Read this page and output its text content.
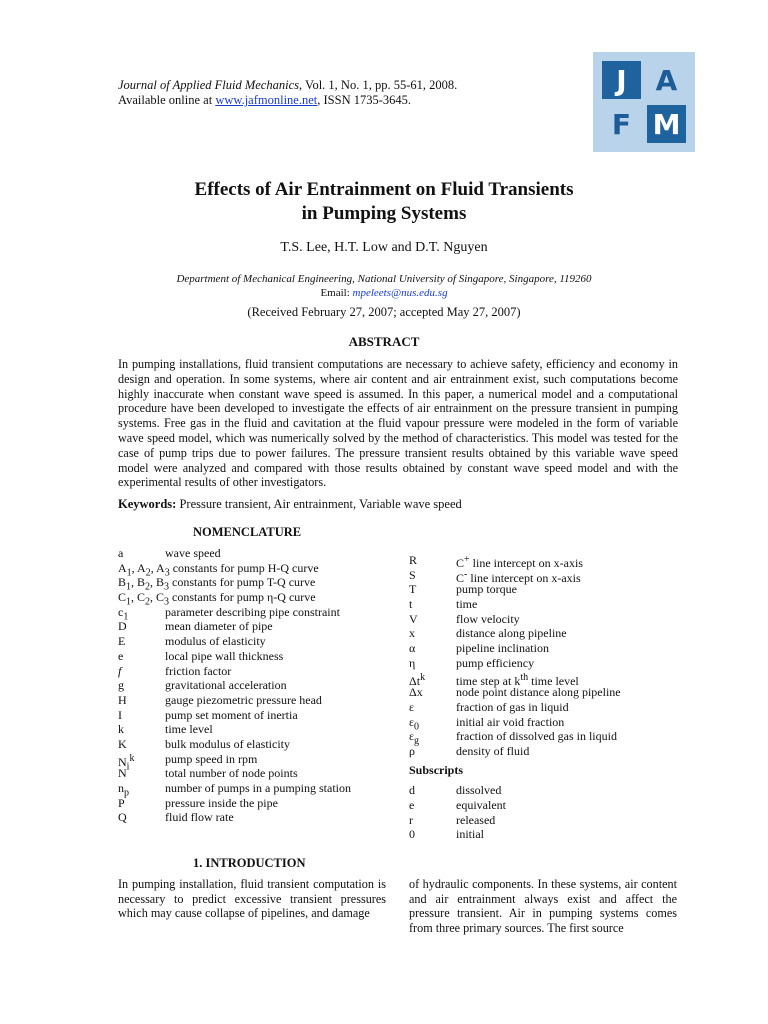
Journal of Applied Fluid Mechanics, Vol. 1, No. 1, pp. 55-61, 2008.
Available online at www.jafmonline.net, ISSN 1735-3645.
J	A
F M
Effects of Air Entrainment on Fluid Transients
in Pumping Systems
T.S. Lee, H.T. Low and D.T. Nguyen
Department of Mechanical Engineering, National University of Singapore, Singapore, 119260
Email: mpeleets@nus.edu.sg
(Received February 27, 2007; accepted May 27, 2007)
ABSTRACT
In pumping installations, fluid transient computations are necessary to achieve safety, efficiency and economy in design and operation. In some systems, where air content and air entrainment exist, such computations become highly inaccurate when constant wave speed is assumed. In this paper, a numerical model and a computational procedure have been developed to investigate the effects of air entrainment on the pressure transient in pumping systems. Free gas in the fluid and cavitation at the fluid vapour pressure were modeled in the form of variable wave speed model, which was numerically solved by the method of characteristics. This model was tested for the case of pump trips due to power failures. The pressure transient results obtained by this variable wave speed model were analyzed and compared with those results obtained by constant wave speed model and with the experimental results of other investigators.
Keywords: Pressure transient, Air entrainment, Variable wave speed
NOMENCLATURE
a	wave speed
$A_1$, $A_2$, $A_3$ constants for pump H-Q curve
$B_1$, $B_2$, $B_3$ constants for pump T-Q curve
$C_1$, $C_2$, $C_3$ constants for pump η-Q curve
$c_1$	parameter describing pipe constraint
D	mean diameter of pipe
E	modulus of elasticity
e	local pipe wall thickness
f	friction factor
g	gravitational acceleration
H	gauge piezometric pressure head
I	pump set moment of inertia
k	time level
K	bulk modulus of elasticity
$N_i^k$	pump speed in rpm
N	total number of node points
$n_p$	number of pumps in a pumping station
P	pressure inside the pipe
Q	fluid flow rate
R	C+ line intercept on x-axis
S	C- line intercept on x-axis
T	pump torque
t	time
V	flow velocity
x	distance along pipeline
α	pipeline inclination
η	pump efficiency
$\Delta t^k$	time step at $k^{th}$ time level
Δx	node point distance along pipeline
ε	fraction of gas in liquid
$\varepsilon_0$	initial air void fraction
$\varepsilon_g$	fraction of dissolved gas in liquid
ρ	density of fluid
Subscripts
d	dissolved
e	equivalent
r	released
0	initial
1. INTRODUCTION
In pumping installation, fluid transient computation is necessary to predict excessive transient pressures which may cause collapse of pipelines, and damage
of hydraulic components. In these systems, air content and air entrainment always exist and affect the pressure transient. Air in pumping systems comes from three primary sources. The first source
